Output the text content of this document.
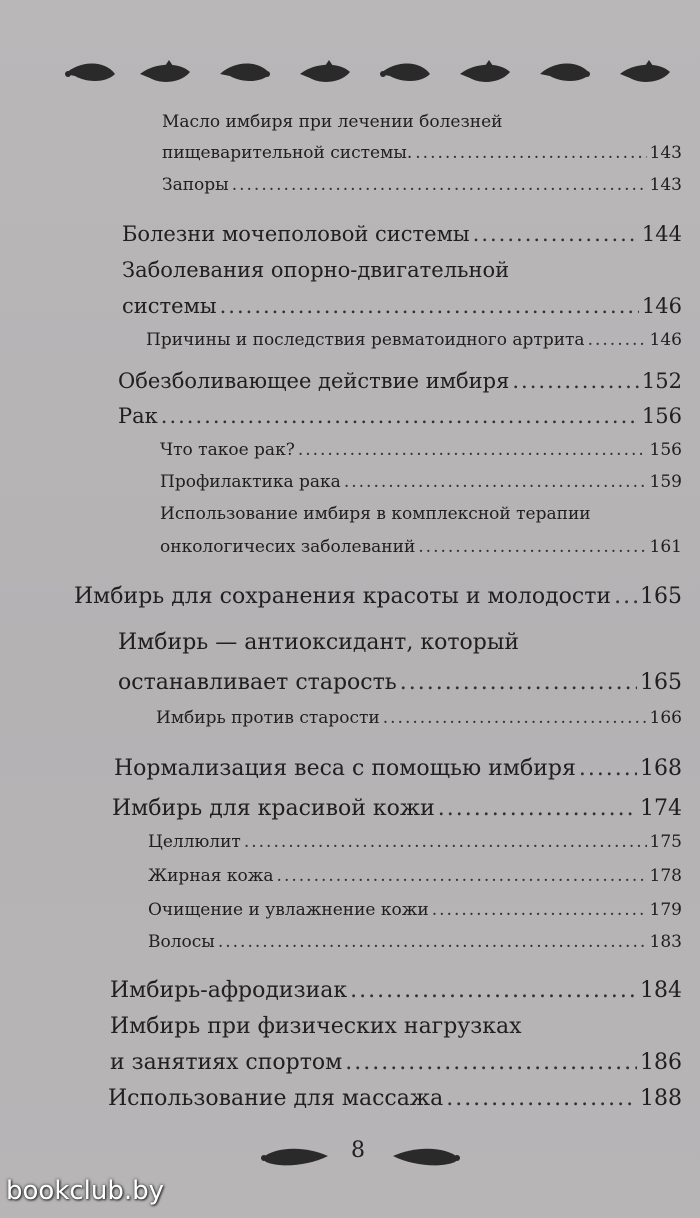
Масло имбиря при лечении болезней
пищеварительной системы. .....	143
Запоры .....	143
Болезни мочеполовой системы .....	144
Заболевания опорно-двигательной
системы .....	146
Причины и последствия ревматоидного артрита .....	146
Обезболивающее действие имбиря .....	152
Рак .....	156
Что такое рак? .....	156
Профилактика рака .....	159
Использование имбиря в комплексной терапии
онкологичесих заболеваний .....	161
Имбирь для сохранения красоты и молодости ..... 165
Имбирь — антиоксидант, который
останавливает старость .....	165
Имбирь против старости .....	166
Нормализация веса с помощью имбиря .....	168
Имбирь для красивой кожи .....	174
Целлюлит .....	175
Жирная кожа .....	178
Очищение и увлажнение кожи .....	179
Волосы .....	183
Имбирь-афродизиак .....	184
Имбирь при физических нагрузках
и занятиях спортом .....	186
Использование для массажа .....	188
8
bookclub.by
